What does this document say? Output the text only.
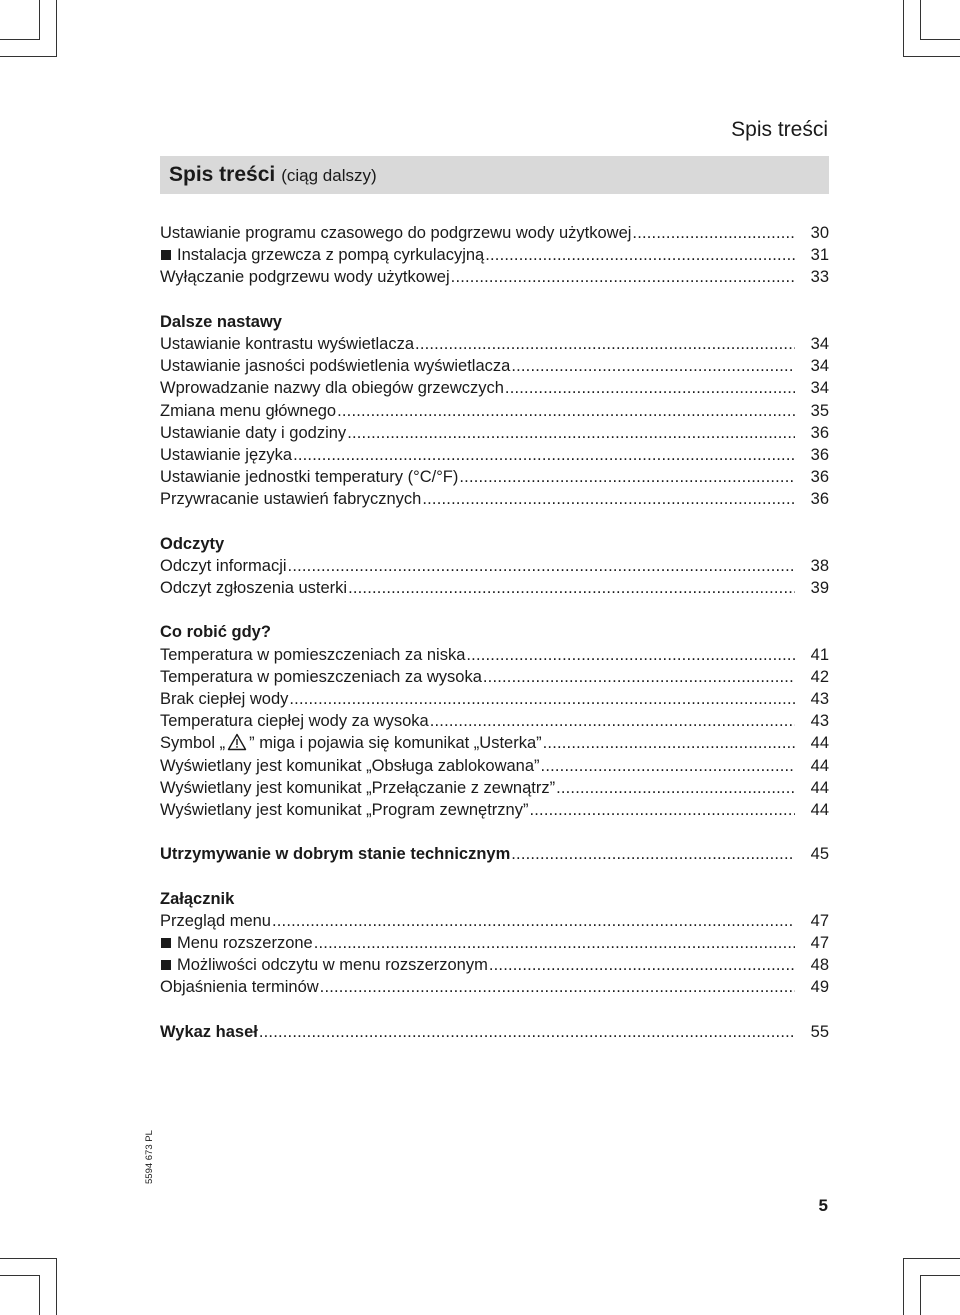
Spis treści
Spis treści (ciąg dalszy)
Ustawianie programu czasowego do podgrzewu wody użytkowej .....	30
Instalacja grzewcza z pompą cyrkulacyjną .....	31
Wyłączanie podgrzewu wody użytkowej .....	33
Dalsze nastawy
Ustawianie kontrastu wyświetlacza .....	34
Ustawianie jasności podświetlenia wyświetlacza .....	34
Wprowadzanie nazwy dla obiegów grzewczych .....	34
Zmiana menu głównego .....	35
Ustawianie daty i godziny .....	36
Ustawianie języka .....	36
Ustawianie jednostki temperatury (°C/°F) .....	36
Przywracanie ustawień fabrycznych .....	36
Odczyty
Odczyt informacji .....	38
Odczyt zgłoszenia usterki .....	39
Co robić gdy?
Temperatura w pomieszczeniach za niska .....	41
Temperatura w pomieszczeniach za wysoka .....	42
Brak ciepłej wody .....	43
Temperatura ciepłej wody za wysoka .....	43
Symbol „ ” miga i pojawia się komunikat „Usterka” .....	44
Wyświetlany jest komunikat „Obsługa zablokowana” .....	44
Wyświetlany jest komunikat „Przełączanie z zewnątrz” .....	44
Wyświetlany jest komunikat „Program zewnętrzny” .....	44
Utrzymywanie w dobrym stanie technicznym .....	45
Załącznik
Przegląd menu .....	47
Menu rozszerzone .....	47
Możliwości odczytu w menu rozszerzonym .....	48
Objaśnienia terminów .....	49
Wykaz haseł .....	55
5594 673 PL
5
